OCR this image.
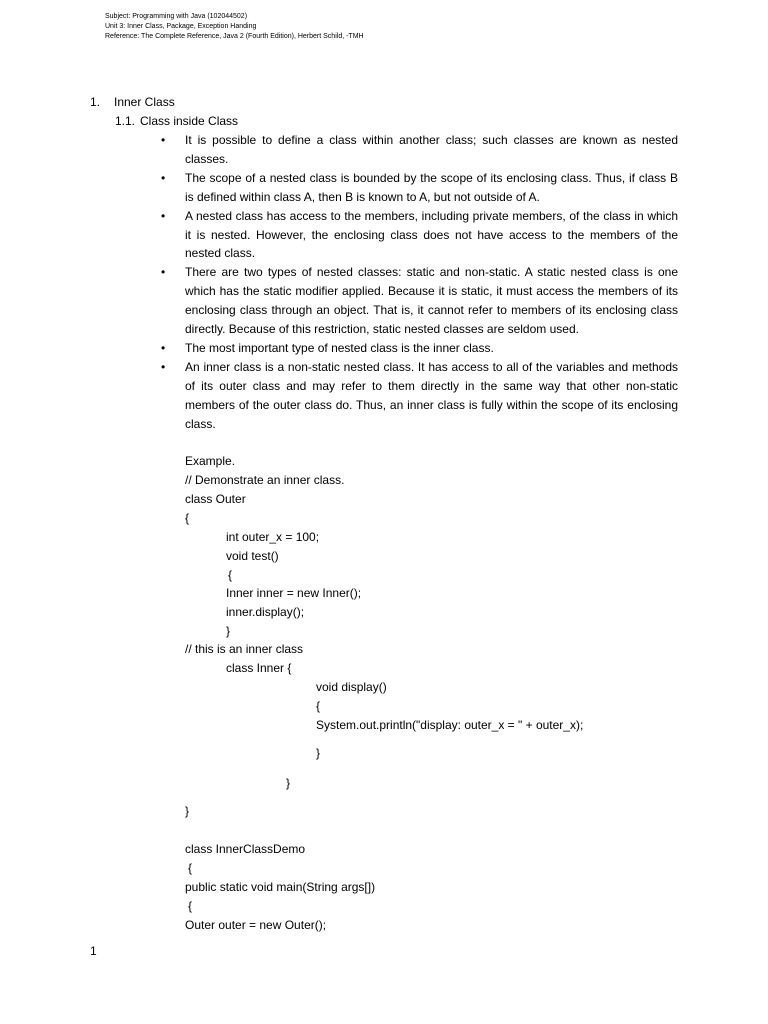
Subject: Programming with Java (102044502)
Unit 3: Inner Class, Package, Exception Handing
Reference: The Complete Reference, Java 2 (Fourth Edition), Herbert Schild, -TMH
1. Inner Class
1.1. Class inside Class
• It is possible to define a class within another class; such classes are known as nested classes.
• The scope of a nested class is bounded by the scope of its enclosing class. Thus, if class B is defined within class A, then B is known to A, but not outside of A.
• A nested class has access to the members, including private members, of the class in which it is nested. However, the enclosing class does not have access to the members of the nested class.
• There are two types of nested classes: static and non-static. A static nested class is one which has the static modifier applied. Because it is static, it must access the members of its enclosing class through an object. That is, it cannot refer to members of its enclosing class directly. Because of this restriction, static nested classes are seldom used.
• The most important type of nested class is the inner class.
• An inner class is a non-static nested class. It has access to all of the variables and methods of its outer class and may refer to them directly in the same way that other non-static members of the outer class do. Thus, an inner class is fully within the scope of its enclosing class.
Example.
// Demonstrate an inner class.
class Outer
{
int outer_x = 100;
void test()
{
Inner inner = new Inner();
inner.display();
}
// this is an inner class
class Inner {
void display()
{
System.out.println("display: outer_x = " + outer_x);
}
}
}
class InnerClassDemo
{
public static void main(String args[])
{
Outer outer = new Outer();
1
